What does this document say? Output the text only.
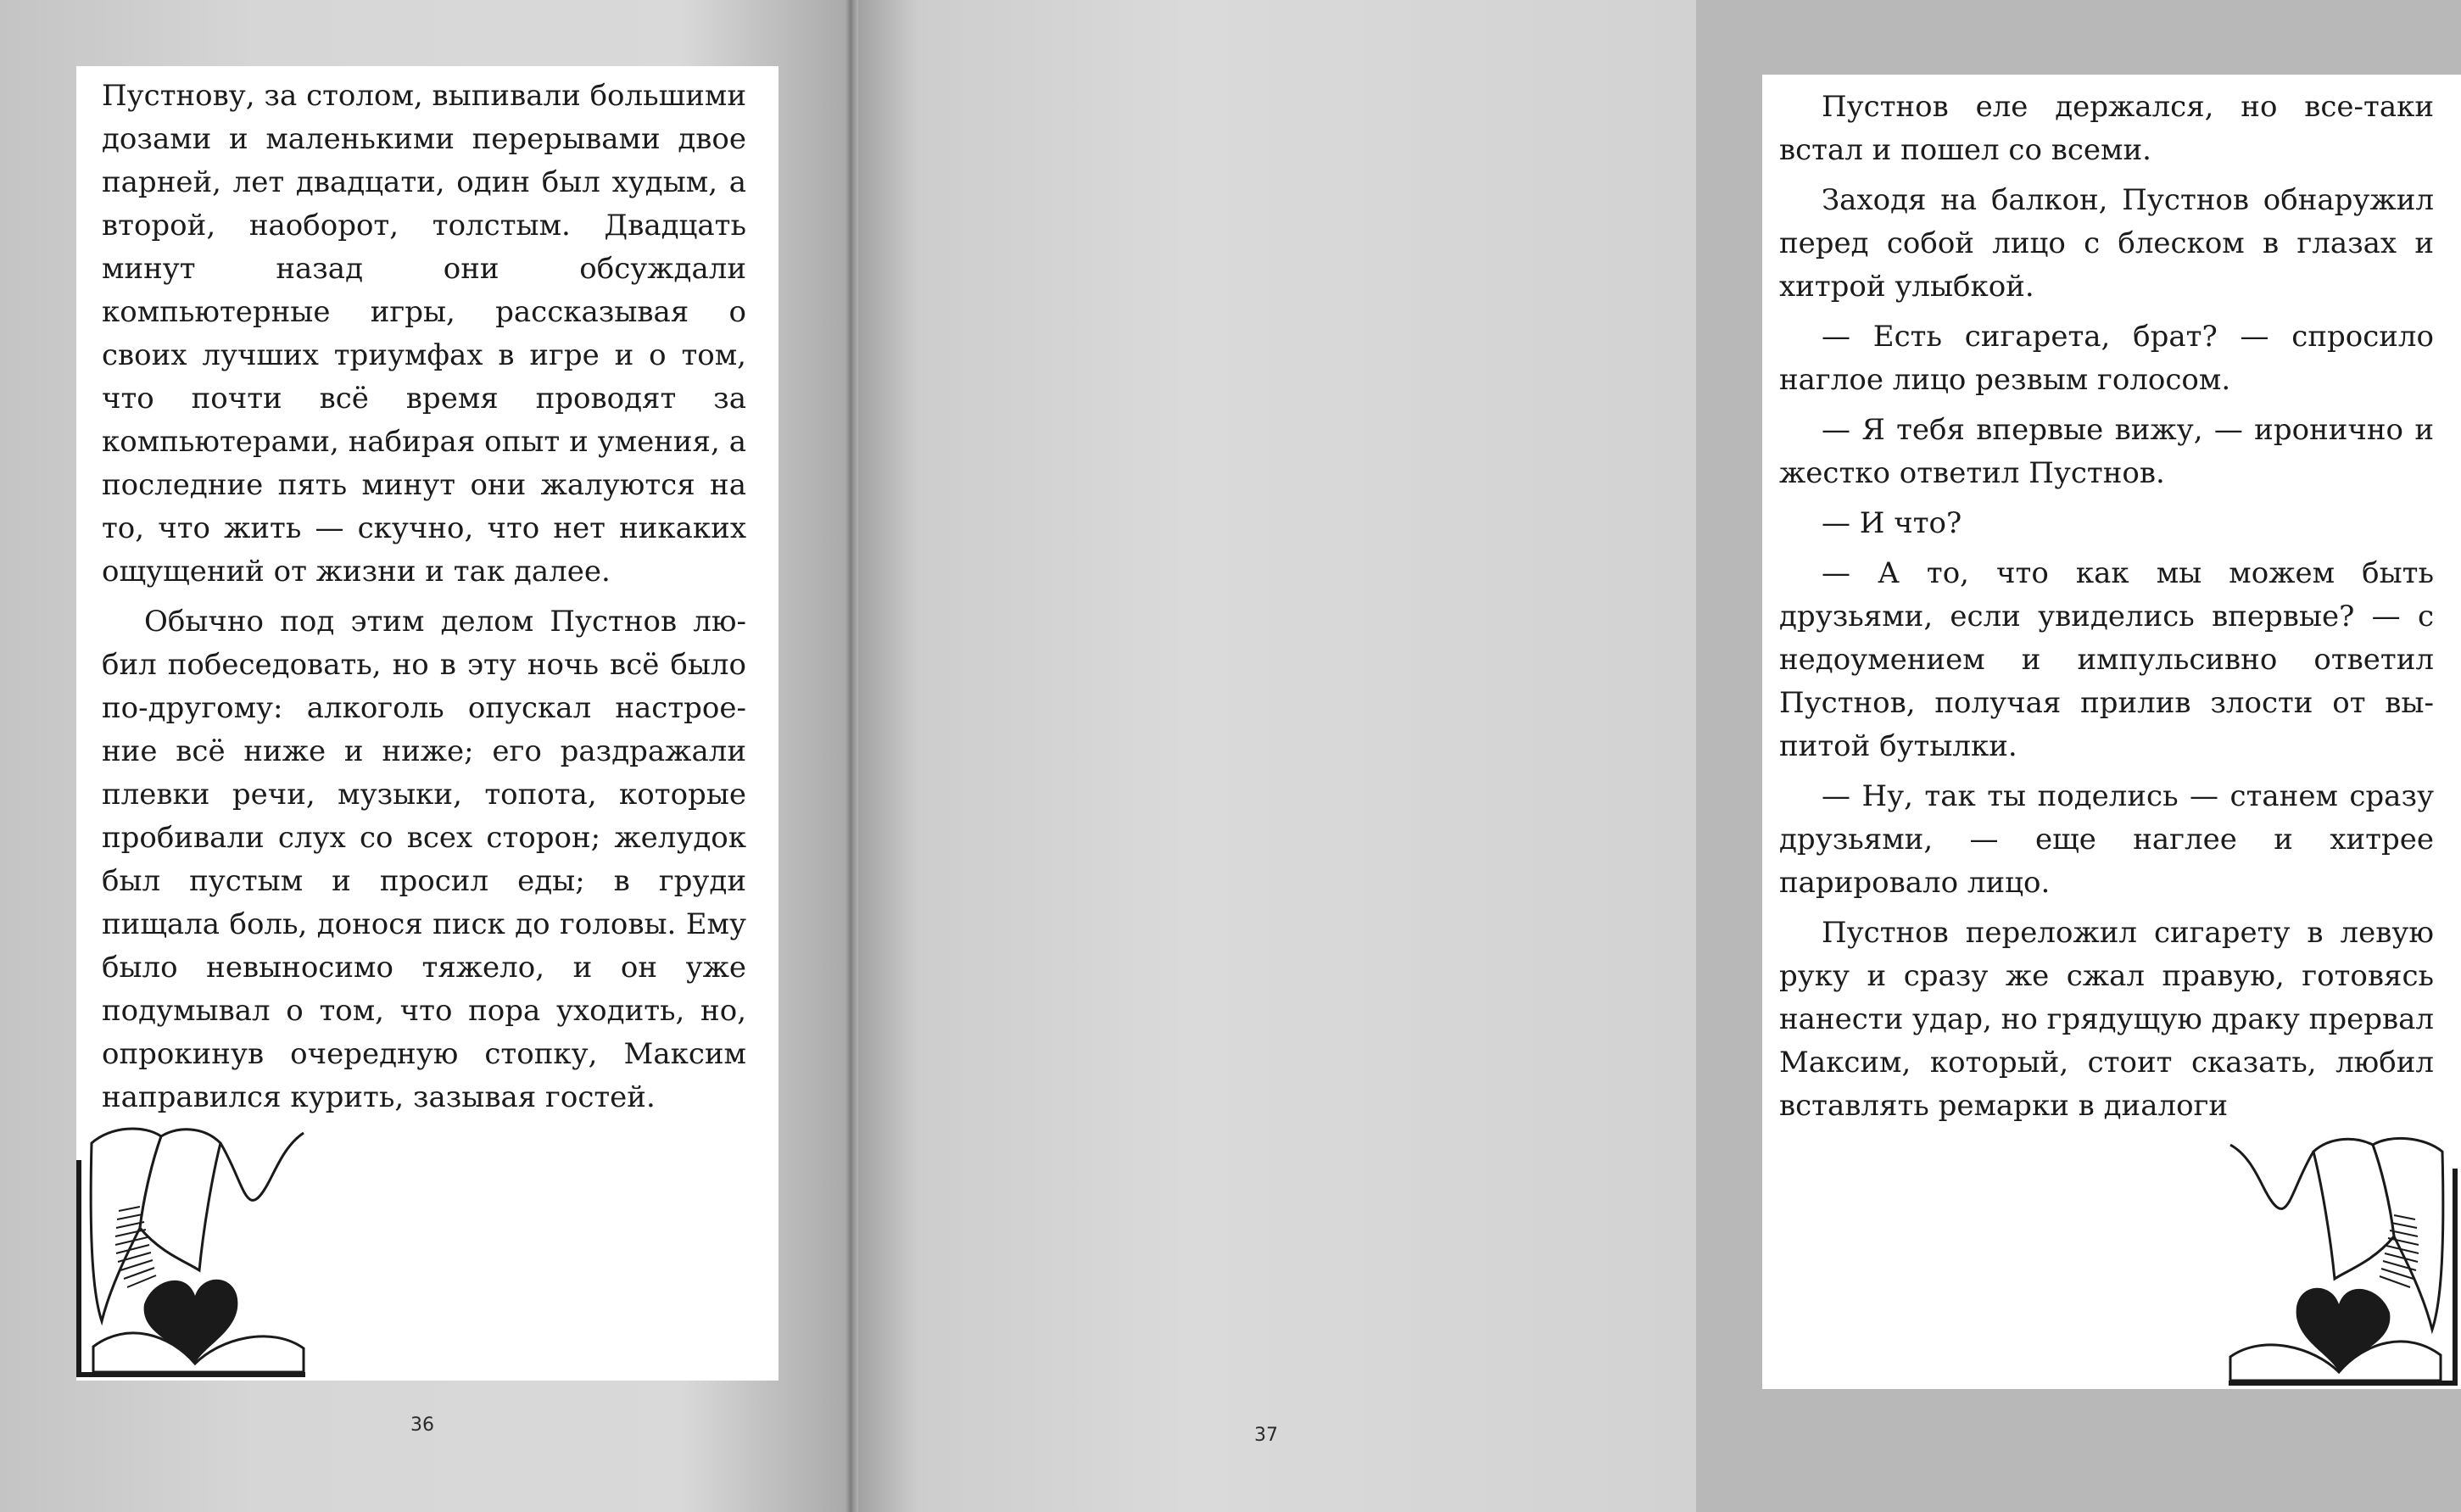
Пустнову, за столом, выпивали большими дозами и маленькими перерывами двое парней, лет двадцати, один был худым, а второй, наоборот, толстым. Двадцать минут назад они обсуждали компьютерные игры, рассказывая о своих лучших триумфах в игре и о том, что почти всё время проводят за компьютерами, набирая опыт и умения, а последние пять минут они жалуются на то, что жить — скучно, что нет никаких ощущений от жизни и так далее.

Обычно под этим делом Пустнов любил побеседовать, но в эту ночь всё было по-другому: алкоголь опускал настроение всё ниже и ниже; его раздражали плевки речи, музыки, топота, которые пробивали слух со всех сторон; желудок был пустым и просил еды; в груди пищала боль, донося писк до головы. Ему было невыносимо тяжело, и он уже подумывал о том, что пора уходить, но, опрокинув очередную стопку, Максим направился курить, зазывая гостей.

36

Пустнов еле держался, но все-таки встал и пошел со всеми.

Заходя на балкон, Пустнов обнаружил перед собой лицо с блеском в глазах и хитрой улыбкой.

— Есть сигарета, брат? — спросило наглое лицо резвым голосом.

— Я тебя впервые вижу, — иронично и жестко ответил Пустнов.

— И что?

— А то, что как мы можем быть друзьями, если увиделись впервые? — с недоумением и импульсивно ответил Пустнов, получая прилив злости от выпитой бутылки.

— Ну, так ты поделись — станем сразу друзьями, — еще наглее и хитрее парировало лицо.

Пустнов переложил сигарету в левую руку и сразу же сжал правую, готовясь нанести удар, но грядущую драку прервал Максим, который, стоит сказать, любил вставлять ремарки в диалоги

37
